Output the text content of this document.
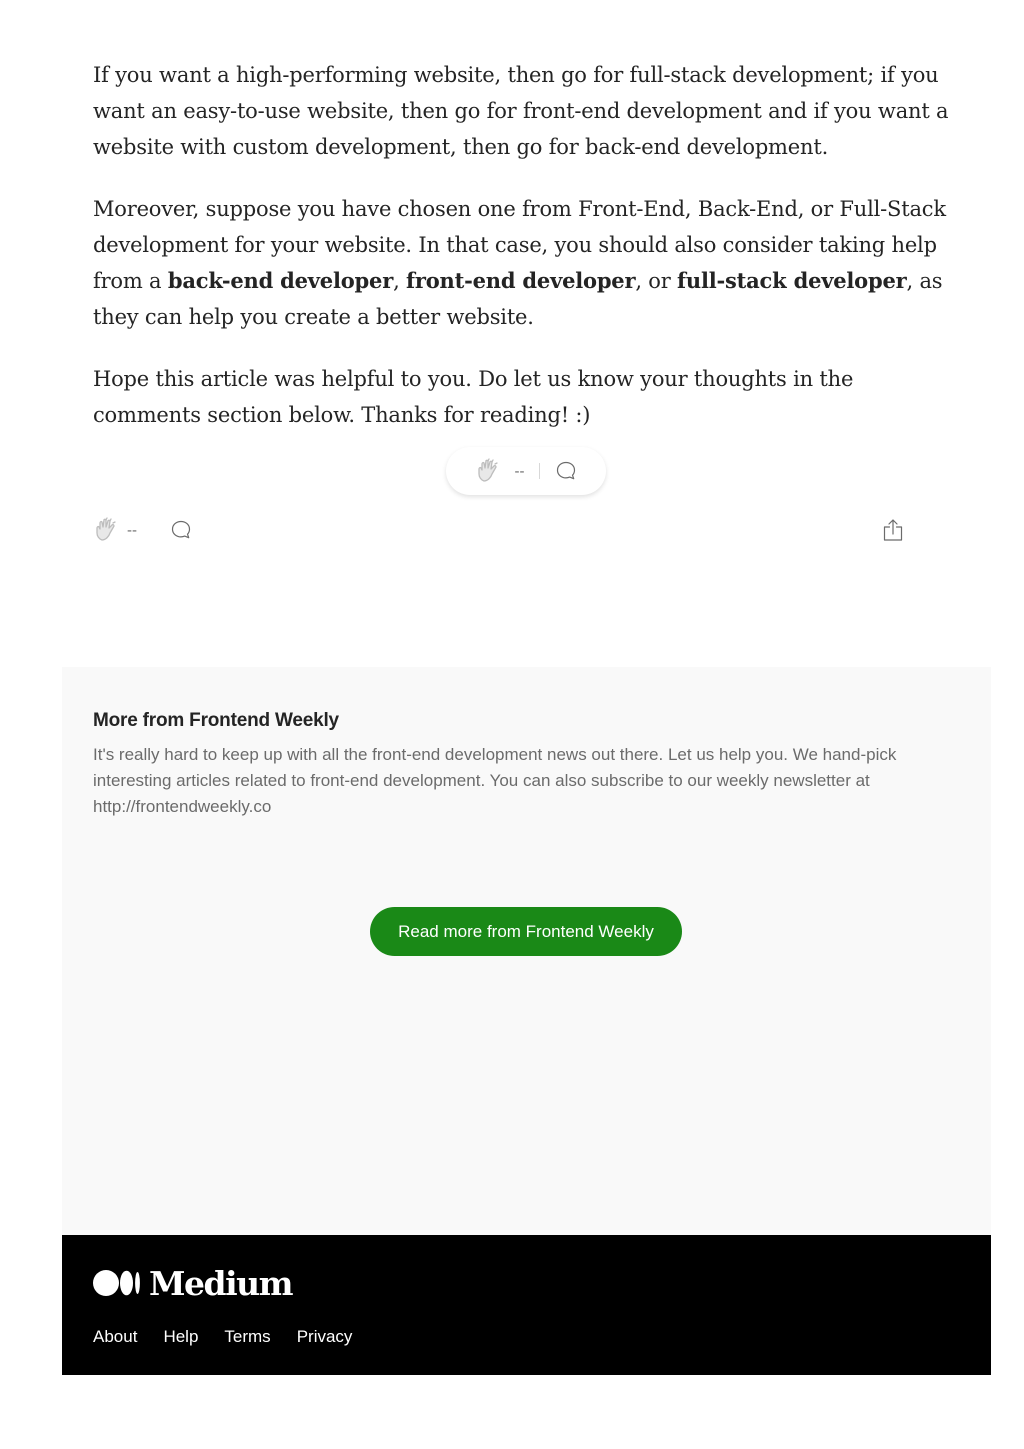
If you want a high-performing website, then go for full-stack development; if you want an easy-to-use website, then go for front-end development and if you want a website with custom development, then go for back-end development.

Moreover, suppose you have chosen one from Front-End, Back-End, or Full-Stack development for your website. In that case, you should also consider taking help from a back-end developer, front-end developer, or full-stack developer, as they can help you create a better website.

Hope this article was helpful to you. Do let us know your thoughts in the comments section below. Thanks for reading! :)

--
--
More from Frontend Weekly
It's really hard to keep up with all the front-end development news out there. Let us help you. We hand-pick interesting articles related to front-end development. You can also subscribe to our weekly newsletter at http://frontendweekly.co
Read more from Frontend Weekly
Medium
About Help Terms Privacy
